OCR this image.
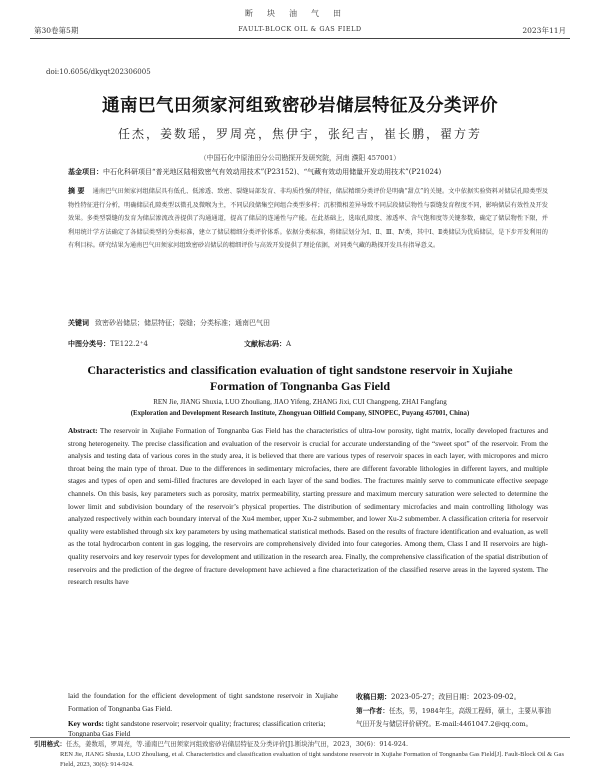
断块油气田
第30卷第5期	FAULT-BLOCK OIL & GAS FIELD	2023年11月
doi:10.6056/dkyqt202306005
通南巴气田须家河组致密砂岩储层特征及分类评价
任杰，姜数瑶，罗周亮，焦伊宇，张纪吉，崔长鹏，翟方芳
（中国石化中原油田分公司勘探开发研究院，河南 濮阳 457001）
基金项目：中石化科研项目“普光地区陆相致密气有效动用技术”(P23152)、“气藏有效动用储量开发动用技术”(P21024)
摘 要 通南巴气田须家河组储层具有低孔、低渗透、致密、裂缝局部发育、非均质性强的特征，储层精细分类评价是明确“甜点”的关键。文中依据实验资料对储层孔隙类型及物性特征进行分析，明确储层孔隙类型以微孔及微喉为主，不同层段储集空间组合类型多样；沉积微相差异导致不同层段储层物性与裂缝发育程度不同，影响储层有效性及开发效果。多类型裂缝的发育为储层渗流改善提供了沟通通道，提高了储层的连通性与产能。在此基础上，选取孔隙度、渗透率、含气饱和度等关键参数，确定了储层物性下限，并利用统计学方法确定了各储层类型的分类标准，建立了储层精细分类评价体系。依据分类标准，将储层划分为Ⅰ、Ⅱ、Ⅲ、Ⅳ类，其中Ⅰ、Ⅱ类储层为优质储层，是下步开发利用的有利目标。研究结果为通南巴气田须家河组致密砂岩储层的精细评价与高效开发提供了理论依据，对同类气藏的勘探开发具有指导意义。
关键词 致密砂岩储层；储层特征；裂缝；分类标准；通南巴气田
中图分类号：TE122.2⁺4	文献标志码：A
Characteristics and classification evaluation of tight sandstone reservoir in Xujiahe Formation of Tongnanba Gas Field
REN Jie, JIANG Shuxia, LUO Zhouliang, JIAO Yifeng, ZHANG Jixi, CUI Changpeng, ZHAI Fangfang
(Exploration and Development Research Institute, Zhongyuan Oilfield Company, SINOPEC, Puyang 457001, China)
Abstract: The reservoir in Xujiahe Formation of Tongnanba Gas Field has the characteristics of ultra-low porosity, tight matrix, locally developed fractures and strong heterogeneity. The precise classification and evaluation of the reservoir is crucial for accurate understanding of the “sweet spot” of the reservoir. From the analysis and testing data of various cores in the study area, it is believed that there are various types of reservoir spaces in each layer, with micropores and micro throat being the main type of throat. Due to the differences in sedimentary microfacies, there are different favorable lithologies in different layers, and multiple stages and types of open and semi-filled fractures are developed in each layer of the sand bodies. The fractures mainly serve to communicate effective seepage channels. On this basis, key parameters such as porosity, matrix permeability, starting pressure and maximum mercury saturation were selected to determine the lower limit and subdivision boundary of the reservoir’s physical properties. The distribution of sedimentary microfacies and main controlling lithology was analyzed respectively within each boundary interval of the Xu4 member, upper Xu-2 submember, and lower Xu-2 submember. A classification criteria for reservoir quality were established through six key parameters by using mathematical statistical methods. Based on the results of fracture identification and evaluation, as well as the total hydrocarbon content in gas logging, the reservoirs are comprehensively divided into four categories. Among them, Class I and II reservoirs are high-quality reservoirs and key reservoir types for development and utilization in the research area. Finally, the comprehensive classification of the spatial distribution of reservoirs and the prediction of the degree of fracture development have achieved a fine characterization of the classified reserve areas in the layered system. The research results have
laid the foundation for the efficient development of tight sandstone reservoir in Xujiahe Formation of Tongnanba Gas Field.
Key words: tight sandstone reservoir; reservoir quality; fractures; classification criteria; Tongnanba Gas Field
收稿日期：2023-05-27；改回日期：2023-09-02。
第一作者：任杰，男，1984年生，高级工程师，硕士，主要从事油气田开发与储层评价研究。E-mail:4461047.2@qq.com。
引用格式：任杰，姜数瑶，罗周亮，等.通南巴气田须家河组致密砂岩储层特征及分类评价[J].断块油气田，2023，30(6)：914-924.
REN Jie, JIANG Shuxia, LUO Zhouliang, et al. Characteristics and classification evaluation of tight sandstone reservoir in Xujiahe Formation of Tongnanba Gas Field[J]. Fault-Block Oil & Gas Field, 2023, 30(6): 914-924.
